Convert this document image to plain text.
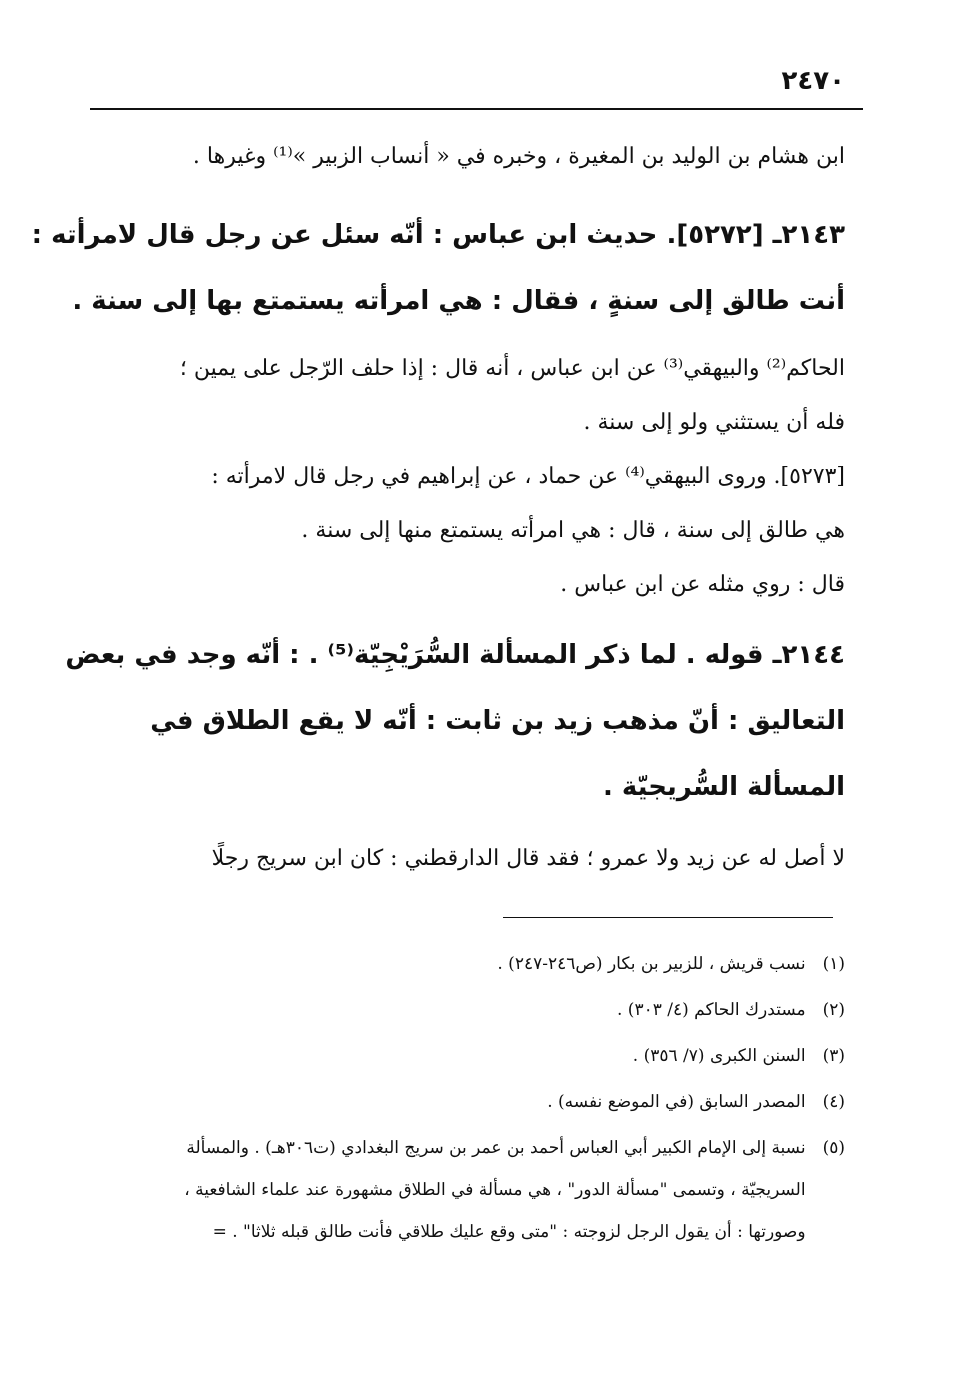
٢٤٧٠
ابن هشام بن الوليد بن المغيرة ، وخبره في « أنساب الزبير »⁽¹⁾ وغيرها .
٢١٤٣ـ [٥٢٧٢]. حديث ابن عباس : أنّه سئل عن رجل قال لامرأته :
أنت طالق إلى سنةٍ ، فقال : هي امرأته يستمتع بها إلى سنة .
الحاكم⁽²⁾ والبيهقي⁽³⁾ عن ابن عباس ، أنه قال : إذا حلف الرّجل على يمين ؛
فله أن يستثني ولو إلى سنة .
[٥٢٧٣]. وروى البيهقي⁽⁴⁾ عن حماد ، عن إبراهيم في رجل قال لامرأته :
هي طالق إلى سنة ، قال : هي امرأته يستمتع منها إلى سنة .
قال : روي مثله عن ابن عباس .
٢١٤٤ـ قوله . لما ذكر المسألة السُّرَيْجِيّة⁽⁵⁾ . : أنّه وجد في بعض
التعاليق : أنّ مذهب زيد بن ثابت : أنّه لا يقع الطلاق في
المسألة السُّريجيّة .
لا أصل له عن زيد ولا عمرو ؛ فقد قال الدارقطني : كان ابن سريج رجلًا
(١) نسب قريش ، للزبير بن بكار (ص٢٤٦-٢٤٧) .
(٢) مستدرك الحاكم (٤/ ٣٠٣) .
(٣) السنن الكبرى (٧/ ٣٥٦) .
(٤) المصدر السابق (في الموضع نفسه) .
(٥) نسبة إلى الإمام الكبير أبي العباس أحمد بن عمر بن سريج البغدادي (ت٣٠٦هـ) . والمسألة
السريجيّة ، وتسمى "مسألة الدور" ، هي مسألة في الطلاق مشهورة عند علماء الشافعية ،
وصورتها : أن يقول الرجل لزوجته : "متى وقع عليك طلاقي فأنت طالق قبله ثلاثا" . =
